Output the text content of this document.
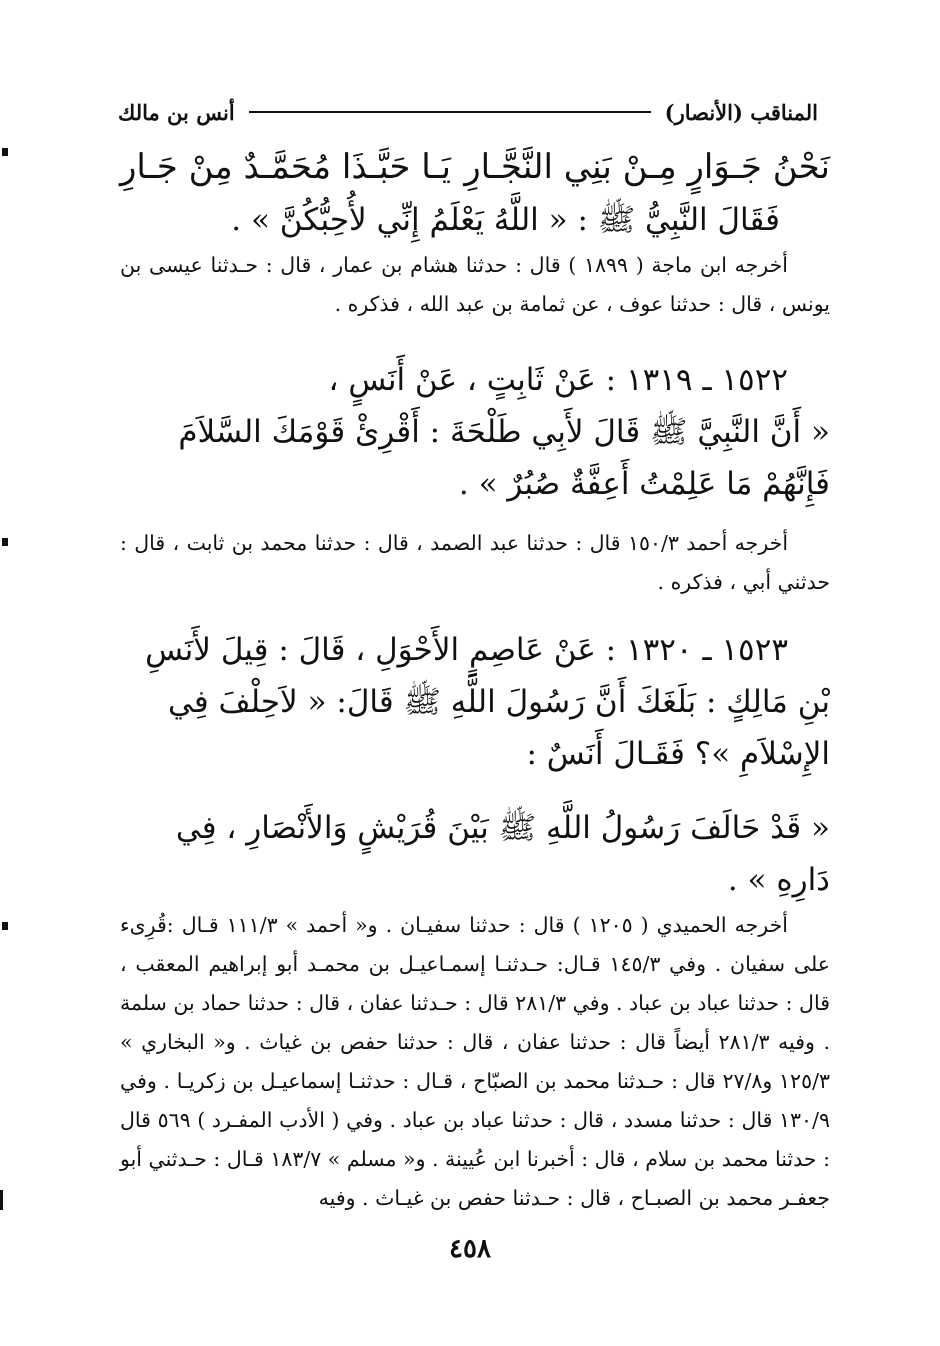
المناقب (الأنصار)
أنس بن مالك
نَحْنُ جَـوَارٍ مِـنْ بَنِي النَّجَّـارِ
يَـا حَبَّـذَا مُحَمَّـدٌ مِنْ جَـارِ

فَقَالَ النَّبِيُّ ﷺ : « اللَّهُ يَعْلَمُ إِنِّي لأُحِبُّكُنَّ » .

أخرجه ابن ماجة ( ١٨٩٩ ) قال : حدثنا هشام بن عمار ، قال : حـدثنا عيسى بن يونس ، قال : حدثنا عوف ، عن ثمامة بن عبد الله ، فذكره .

١٥٢٢ ـ ١٣١٩ : عَنْ ثَابِتٍ ، عَنْ أَنَسٍ ،

« أَنَّ النَّبِيَّ ﷺ قَالَ لأَبِي طَلْحَةَ : أَقْرِئْ قَوْمَكَ السَّلاَمَ فَإِنَّهُمْ مَا عَلِمْتُ أَعِفَّةٌ صُبُرٌ » .

أخرجه أحمد ١٥٠/٣ قال : حدثنا عبد الصمد ، قال : حدثنا محمد بن ثابت ، قال : حدثني أبي ، فذكره .

١٥٢٣ ـ ١٣٢٠ : عَنْ عَاصِمٍ الأَحْوَلِ ، قَالَ : قِيلَ لأَنَسِ بْنِ مَالِكٍ : بَلَغَكَ أَنَّ رَسُولَ اللَّهِ ﷺ قَالَ: « لاَحِلْفَ فِي الإِسْلاَمِ »؟ فَقَـالَ أَنَسٌ :

« قَدْ حَالَفَ رَسُولُ اللَّهِ ﷺ بَيْنَ قُرَيْشٍ وَالأَنْصَارِ ، فِي دَارِهِ » .

أخرجه الحميدي ( ١٢٠٥ ) قال : حدثنا سفيـان . و« أحمد » ١١١/٣ قـال :قُرِىء على سفيان . وفي ١٤٥/٣ قـال: حـدثنـا إسمـاعيـل بن محمـد أبو إبراهيم المعقب ، قال : حدثنا عباد بن عباد . وفي ٢٨١/٣ قال : حـدثنا عفان ، قال : حدثنا حماد بن سلمة . وفيه ٢٨١/٣ أيضاً قال : حدثنا عفان ، قال : حدثنا حفص بن غياث . و« البخاري » ١٢٥/٣ و٢٧/٨ قال : حـدثنا محمد بن الصبّاح ، قـال : حدثنـا إسماعيـل بن زكريـا . وفي ١٣٠/٩ قال : حدثنا مسدد ، قال : حدثنا عباد بن عباد . وفي ( الأدب المفـرد ) ٥٦٩ قال : حدثنا محمد بن سلام ، قال : أخبرنا ابن عُيينة . و« مسلم » ١٨٣/٧ قـال : حـدثني أبو جعفـر محمد بن الصبـاح ، قال : حـدثنا حفص بن غيـاث . وفيه

٤٥٨
